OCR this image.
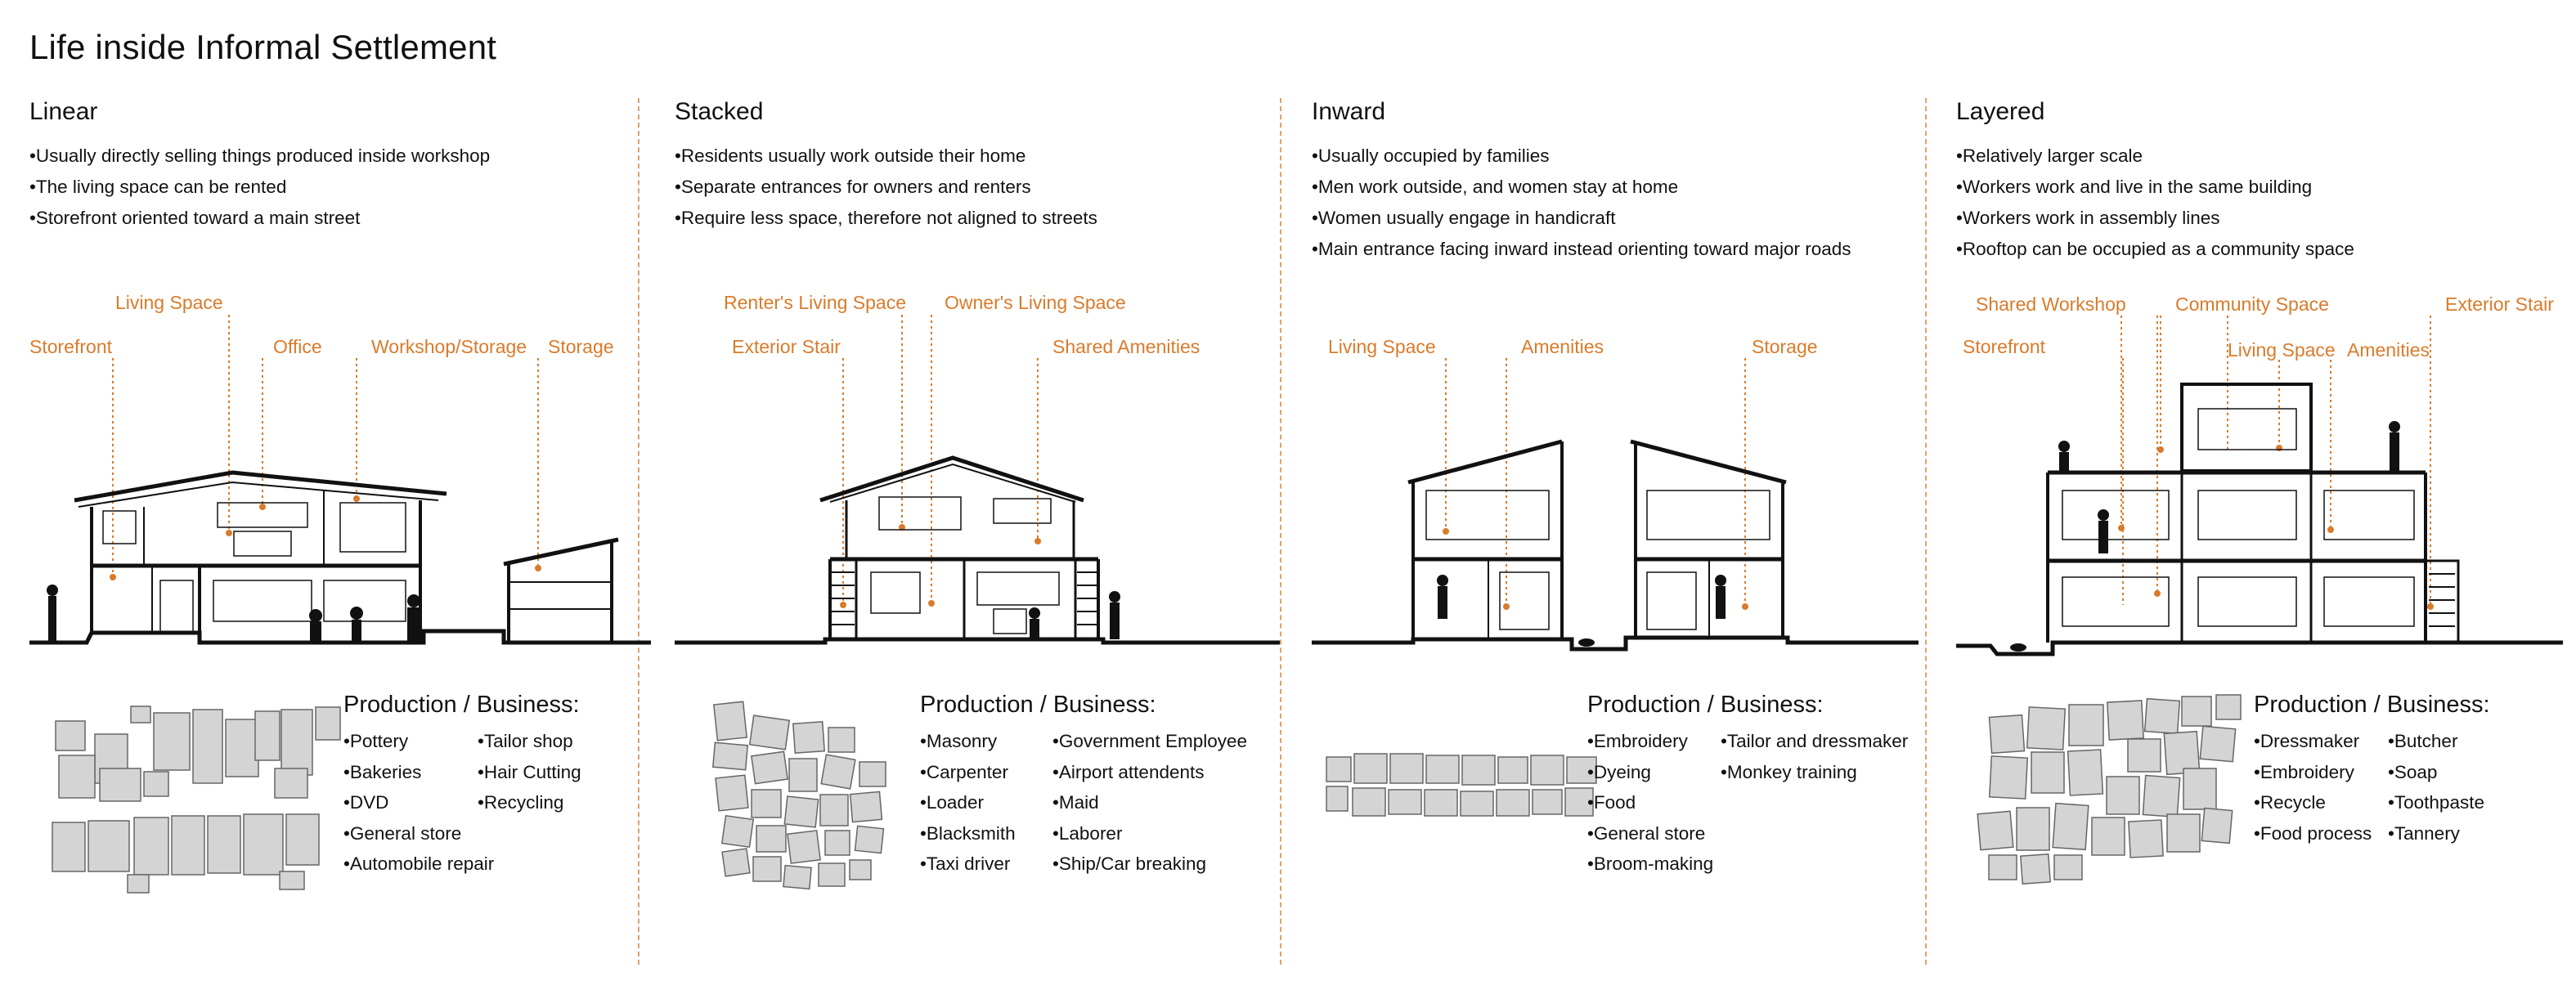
Life inside Informal Settlement
Linear
• Usually directly selling things produced inside workshop
• The living space can be rented
• Storefront oriented toward a main street
Living Space
Storefront	Office	Workshop/Storage Storage
Production / Business:
• Pottery
• Bakeries
• DVD
• General store
• Automobile repair
• Tailor shop
• Hair Cutting
• Recycling
Stacked
• Residents usually work outside their home
• Separate entrances for owners and renters
• Require less space, therefore not aligned to streets
Renter's Living Space Owner's Living Space
Exterior Stair	Shared Amenities
Production / Business:
• Masonry
• Carpenter
• Loader
• Blacksmith
• Taxi driver
• Government Employee
• Airport attendents
• Maid
• Laborer
• Ship/Car breaking
Inward
• Usually occupied by families
• Men work outside, and women stay at home
• Women usually engage in handicraft
• Main entrance facing inward instead orienting toward major roads
Living Space	Amenities	Storage
Production / Business:
• Embroidery
• Dyeing
• Food
• General store
• Broom-making
• Tailor and dressmaker
• Monkey training
Layered
• Relatively larger scale
• Workers work and live in the same building
• Workers work in assembly lines
• Rooftop can be occupied as a community space
Shared Workshop	Community Space	Exterior Stair
Storefront	Living Space Amenities
Production / Business:
• Dressmaker
• Embroidery
• Recycle
• Food process
• Butcher
• Soap
• Toothpaste
• Tannery
